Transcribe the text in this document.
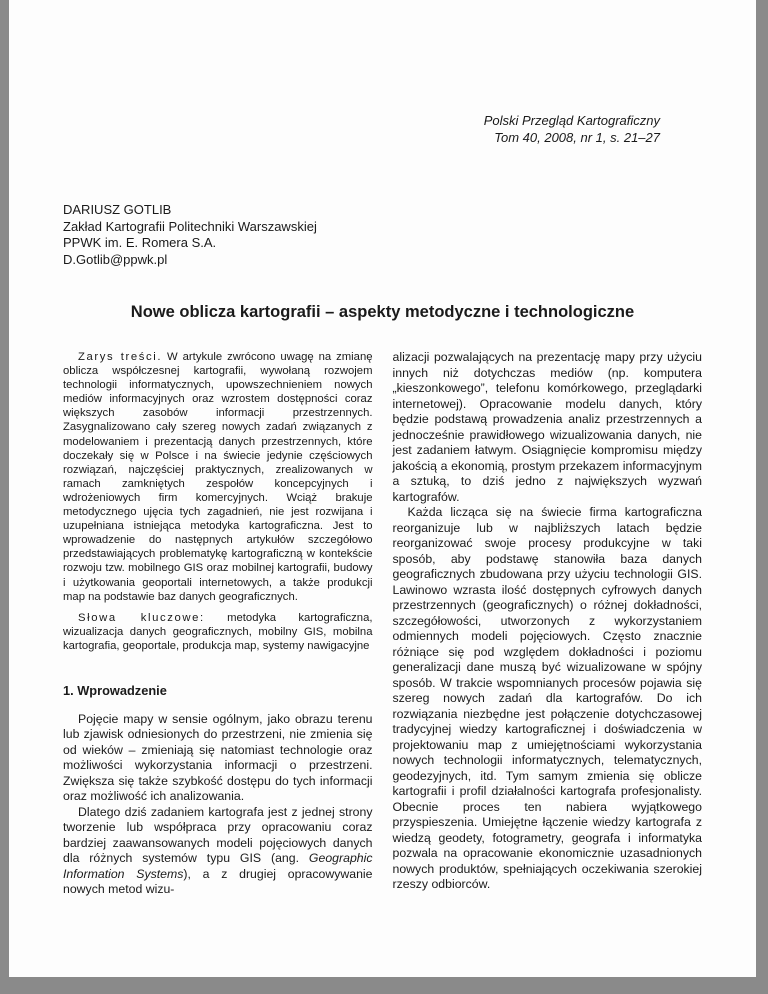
Polski Przegląd Kartograficzny
Tom 40, 2008, nr 1, s. 21–27
DARIUSZ GOTLIB
Zakład Kartografii Politechniki Warszawskiej
PPWK im. E. Romera S.A.
D.Gotlib@ppwk.pl
Nowe oblicza kartografii – aspekty metodyczne i technologiczne

Zarys treści. W artykule zwrócono uwagę na zmianę oblicza współczesnej kartografii, wywołaną rozwojem technologii informatycznych, upowszechnieniem nowych mediów informacyjnych oraz wzrostem dostępności coraz większych zasobów informacji przestrzennych. Zasygnalizowano cały szereg nowych zadań związanych z modelowaniem i prezentacją danych przestrzennych, które doczekały się w Polsce i na świecie jedynie częściowych rozwiązań, najczęściej praktycznych, zrealizowanych w ramach zamkniętych zespołów koncepcyjnych i wdrożeniowych firm komercyjnych. Wciąż brakuje metodycznego ujęcia tych zagadnień, nie jest rozwijana i uzupełniana istniejąca metodyka kartograficzna. Jest to wprowadzenie do następnych artykułów szczegółowo przedstawiających problematykę kartograficzną w kontekście rozwoju tzw. mobilnego GIS oraz mobilnej kartografii, budowy i użytkowania geoportali internetowych, a także produkcji map na podstawie baz danych geograficznych.

Słowa kluczowe: metodyka kartograficzna, wizualizacja danych geograficznych, mobilny GIS, mobilna kartografia, geoportale, produkcja map, systemy nawigacyjne

1. Wprowadzenie

Pojęcie mapy w sensie ogólnym, jako obrazu terenu lub zjawisk odniesionych do przestrzeni, nie zmienia się od wieków – zmieniają się natomiast technologie oraz możliwości wykorzystania informacji o przestrzeni. Zwiększa się także szybkość dostępu do tych informacji oraz możliwość ich analizowania.

Dlatego dziś zadaniem kartografa jest z jednej strony tworzenie lub współpraca przy opracowaniu coraz bardziej zaawansowanych modeli pojęciowych danych dla różnych systemów typu GIS (ang. Geographic Information Systems), a z drugiej opracowywanie nowych metod wizu-

alizacji pozwalających na prezentację mapy przy użyciu innych niż dotychczas mediów (np. komputera „kieszonkowego”, telefonu komórkowego, przeglądarki internetowej). Opracowanie modelu danych, który będzie podstawą prowadzenia analiz przestrzennych a jednocześnie prawidłowego wizualizowania danych, nie jest zadaniem łatwym. Osiągnięcie kompromisu między jakością a ekonomią, prostym przekazem informacyjnym a sztuką, to dziś jedno z największych wyzwań kartografów.

Każda licząca się na świecie firma kartograficzna reorganizuje lub w najbliższych latach będzie reorganizować swoje procesy produkcyjne w taki sposób, aby podstawę stanowiła baza danych geograficznych zbudowana przy użyciu technologii GIS. Lawinowo wzrasta ilość dostępnych cyfrowych danych przestrzennych (geograficznych) o różnej dokładności, szczegółowości, utworzonych z wykorzystaniem odmiennych modeli pojęciowych. Często znacznie różniące się pod względem dokładności i poziomu generalizacji dane muszą być wizualizowane w spójny sposób. W trakcie wspomnianych procesów pojawia się szereg nowych zadań dla kartografów. Do ich rozwiązania niezbędne jest połączenie dotychczasowej tradycyjnej wiedzy kartograficznej i doświadczenia w projektowaniu map z umiejętnościami wykorzystania nowych technologii informatycznych, telematycznych, geodezyjnych, itd. Tym samym zmienia się oblicze kartografii i profil działalności kartografa profesjonalisty. Obecnie proces ten nabiera wyjątkowego przyspieszenia. Umiejętne łączenie wiedzy kartografa z wiedzą geodety, fotogrametry, geografa i informatyka pozwala na opracowanie ekonomicznie uzasadnionych nowych produktów, spełniających oczekiwania szerokiej rzeszy odbiorców.
